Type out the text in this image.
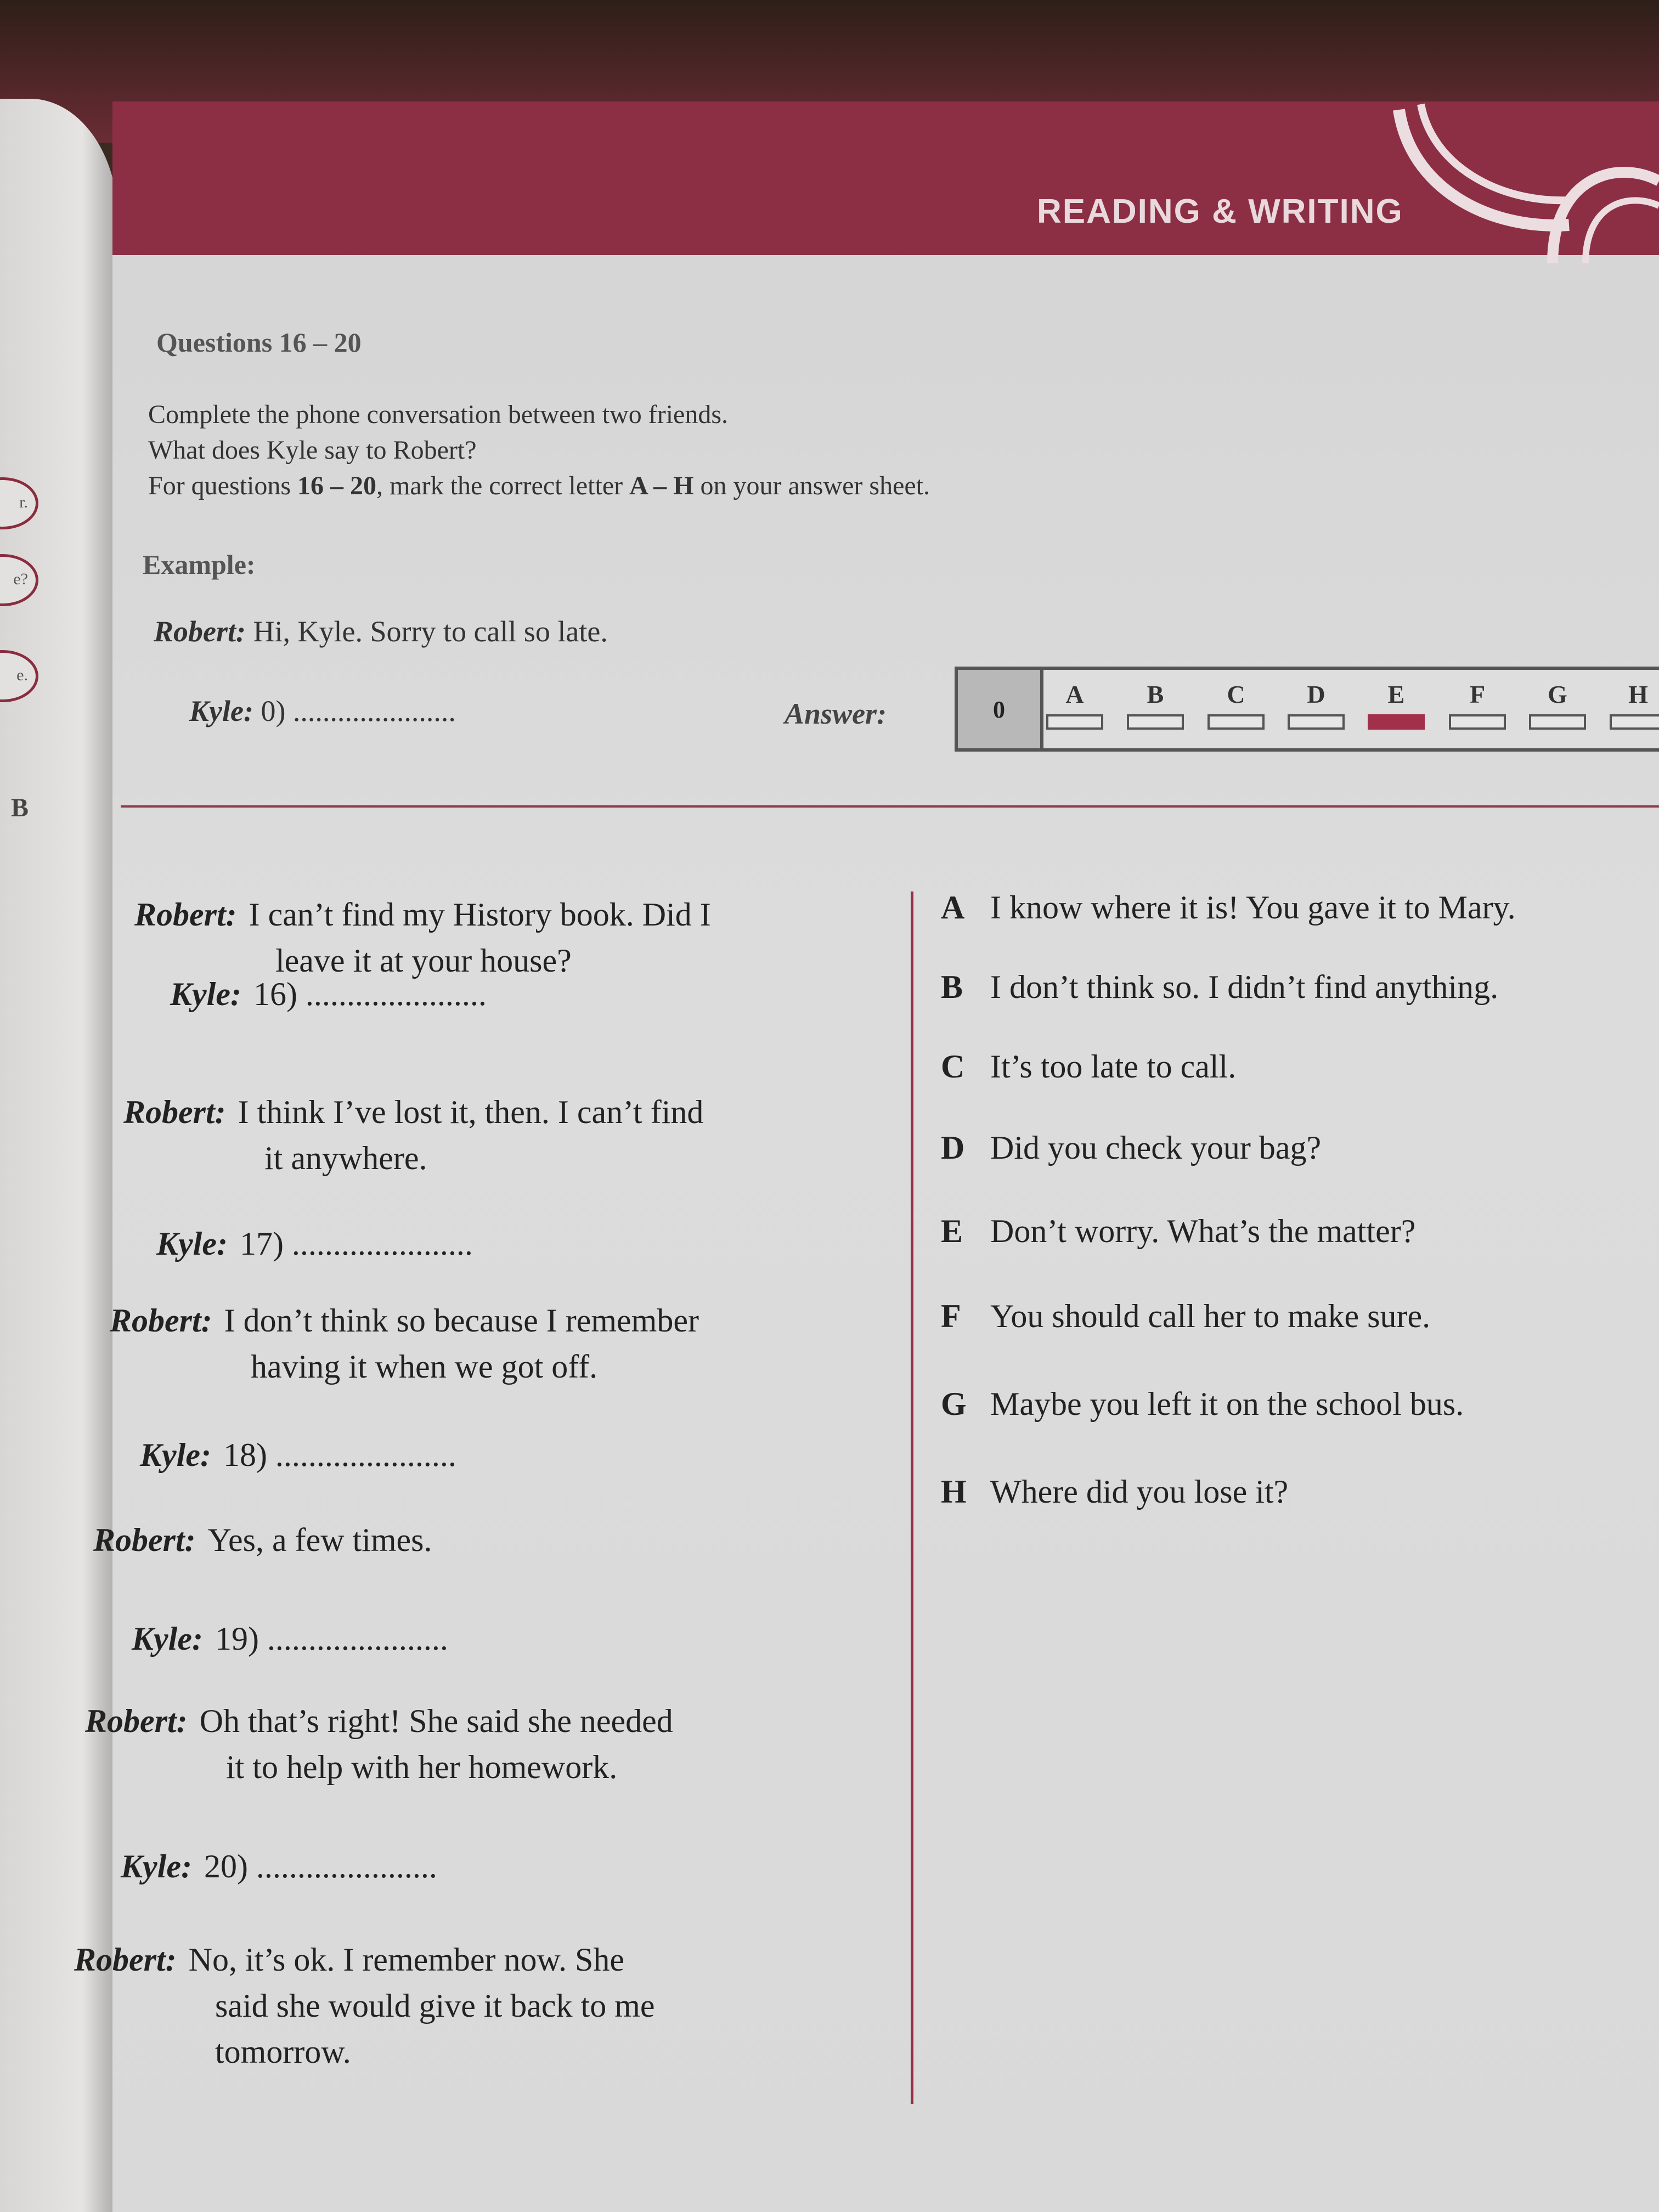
r.
e?
e.
B
READING & WRITING
Questions 16 – 20
Complete the phone conversation between two friends.
What does Kyle say to Robert?
For questions 16 – 20, mark the correct letter A – H on your answer sheet.
Example:
Robert: Hi, Kyle. Sorry to call so late.
Kyle: 0) ......................	Answer:	0
A	B	C	D	E	F	G	H
Robert: I can’t find my History book. Did I
leave it at your house?
Kyle: 16) ......................
Robert: I think I’ve lost it, then. I can’t find
it anywhere.
Kyle: 17) ......................
Robert: I don’t think so because I remember
having it when we got off.
Kyle: 18) ......................
Robert: Yes, a few times.
Kyle: 19) ......................
Robert: Oh that’s right! She said she needed
it to help with her homework.
Kyle: 20) ......................
Robert: No, it’s ok. I remember now. She
said she would give it back to me
tomorrow.
A I know where it is! You gave it to Mary.
B I don’t think so. I didn’t find anything.
C It’s too late to call.
D Did you check your bag?
E Don’t worry. What’s the matter?
F You should call her to make sure.
G Maybe you left it on the school bus.
H Where did you lose it?
